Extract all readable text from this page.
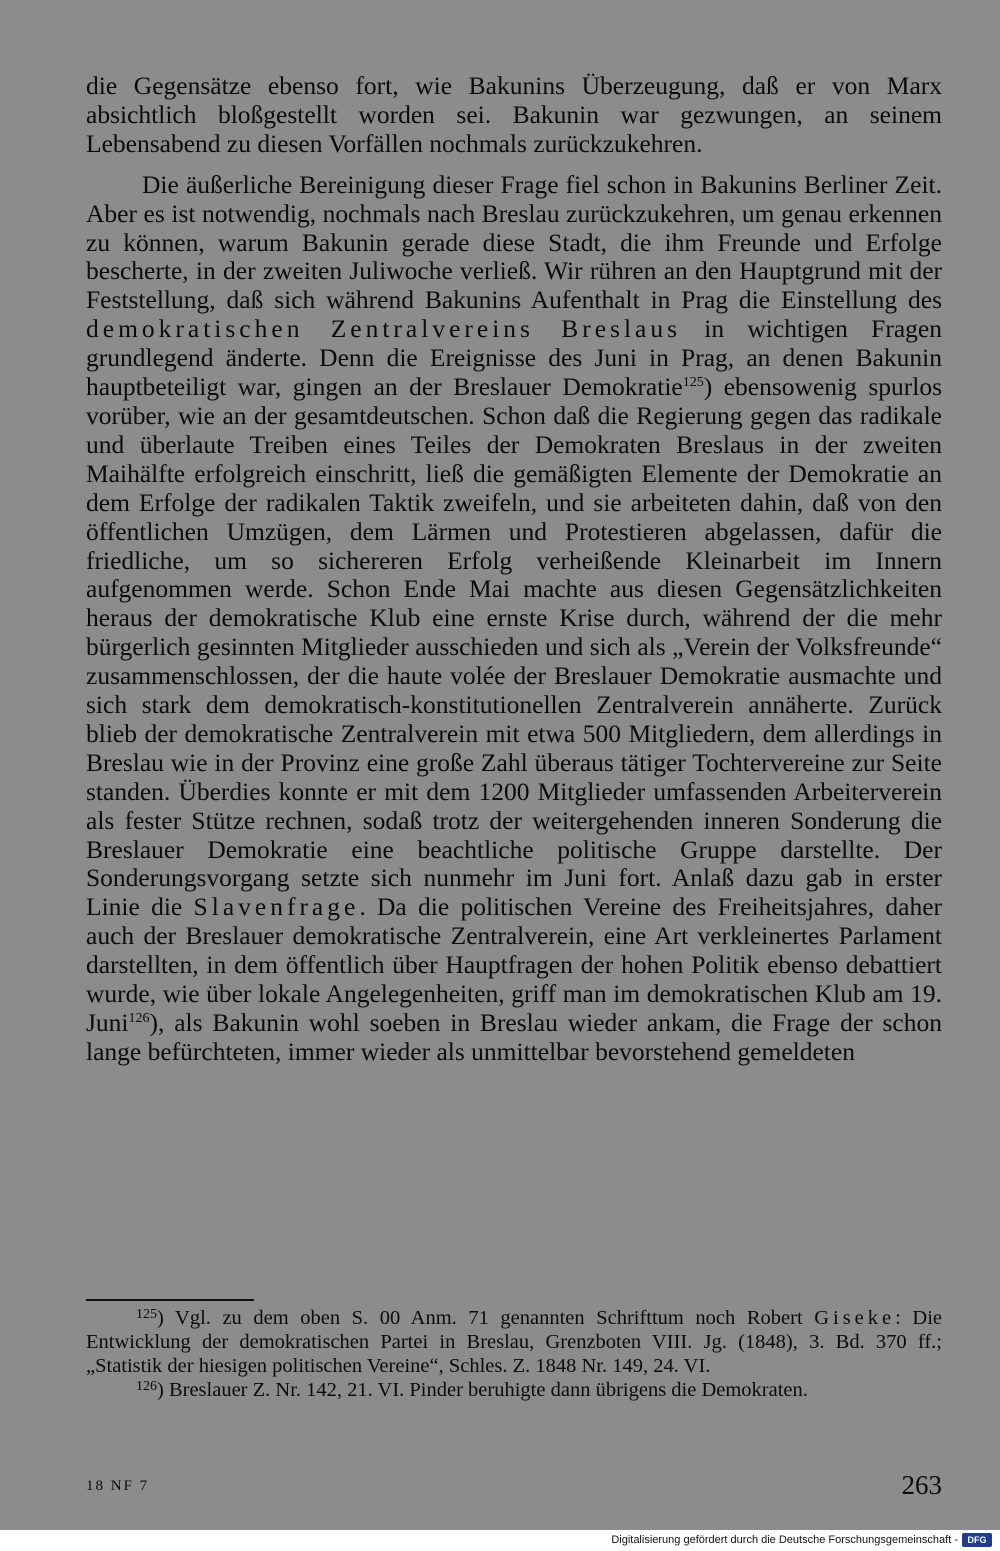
die Gegensätze ebenso fort, wie Bakunins Überzeugung, daß er von Marx absichtlich bloßgestellt worden sei. Bakunin war gezwungen, an seinem Lebensabend zu diesen Vorfällen nochmals zurückzukehren.

Die äußerliche Bereinigung dieser Frage fiel schon in Bakunins Berliner Zeit. Aber es ist notwendig, nochmals nach Breslau zurückzukehren, um genau erkennen zu können, warum Bakunin gerade diese Stadt, die ihm Freunde und Erfolge bescherte, in der zweiten Juliwoche verließ. Wir rühren an den Hauptgrund mit der Feststellung, daß sich während Bakunins Aufenthalt in Prag die Einstellung des demokratischen Zentralvereins Breslaus in wichtigen Fragen grundlegend änderte. Denn die Ereignisse des Juni in Prag, an denen Bakunin hauptbeteiligt war, gingen an der Breslauer Demokratie$^{125}$) ebensowenig spurlos vorüber, wie an der gesamtdeutschen. Schon daß die Regierung gegen das radikale und überlaute Treiben eines Teiles der Demokraten Breslaus in der zweiten Maihälfte erfolgreich einschritt, ließ die gemäßigten Elemente der Demokratie an dem Erfolge der radikalen Taktik zweifeln, und sie arbeiteten dahin, daß von den öffentlichen Umzügen, dem Lärmen und Protestieren abgelassen, dafür die friedliche, um so sichereren Erfolg verheißende Kleinarbeit im Innern aufgenommen werde. Schon Ende Mai machte aus diesen Gegensätzlichkeiten heraus der demokratische Klub eine ernste Krise durch, während der die mehr bürgerlich gesinnten Mitglieder ausschieden und sich als „Verein der Volksfreunde“ zusammenschlossen, der die haute volée der Breslauer Demokratie ausmachte und sich stark dem demokratisch-konstitutionellen Zentralverein annäherte. Zurück blieb der demokratische Zentralverein mit etwa 500 Mitgliedern, dem allerdings in Breslau wie in der Provinz eine große Zahl überaus tätiger Tochtervereine zur Seite standen. Überdies konnte er mit dem 1200 Mitglieder umfassenden Arbeiterverein als fester Stütze rechnen, sodaß trotz der weitergehenden inneren Sonderung die Breslauer Demokratie eine beachtliche politische Gruppe darstellte. Der Sonderungsvorgang setzte sich nunmehr im Juni fort. Anlaß dazu gab in erster Linie die Slavenfrage. Da die politischen Vereine des Freiheitsjahres, daher auch der Breslauer demokratische Zentralverein, eine Art verkleinertes Parlament darstellten, in dem öffentlich über Hauptfragen der hohen Politik ebenso debattiert wurde, wie über lokale Angelegenheiten, griff man im demokratischen Klub am 19. Juni$^{126}$), als Bakunin wohl soeben in Breslau wieder ankam, die Frage der schon lange befürchteten, immer wieder als unmittelbar bevorstehend gemeldeten

$^{125}$) Vgl. zu dem oben S. 00 Anm. 71 genannten Schrifttum noch Robert Giseke: Die Entwicklung der demokratischen Partei in Breslau, Grenzboten VIII. Jg. (1848), 3. Bd. 370 ff.; „Statistik der hiesigen politischen Vereine“, Schles. Z. 1848 Nr. 149, 24. VI.

$^{126}$) Breslauer Z. Nr. 142, 21. VI. Pinder beruhigte dann übrigens die Demokraten.

18 NF 7	263
Digitalisierung gefördert durch die Deutsche Forschungsgemeinschaft -	DFG
